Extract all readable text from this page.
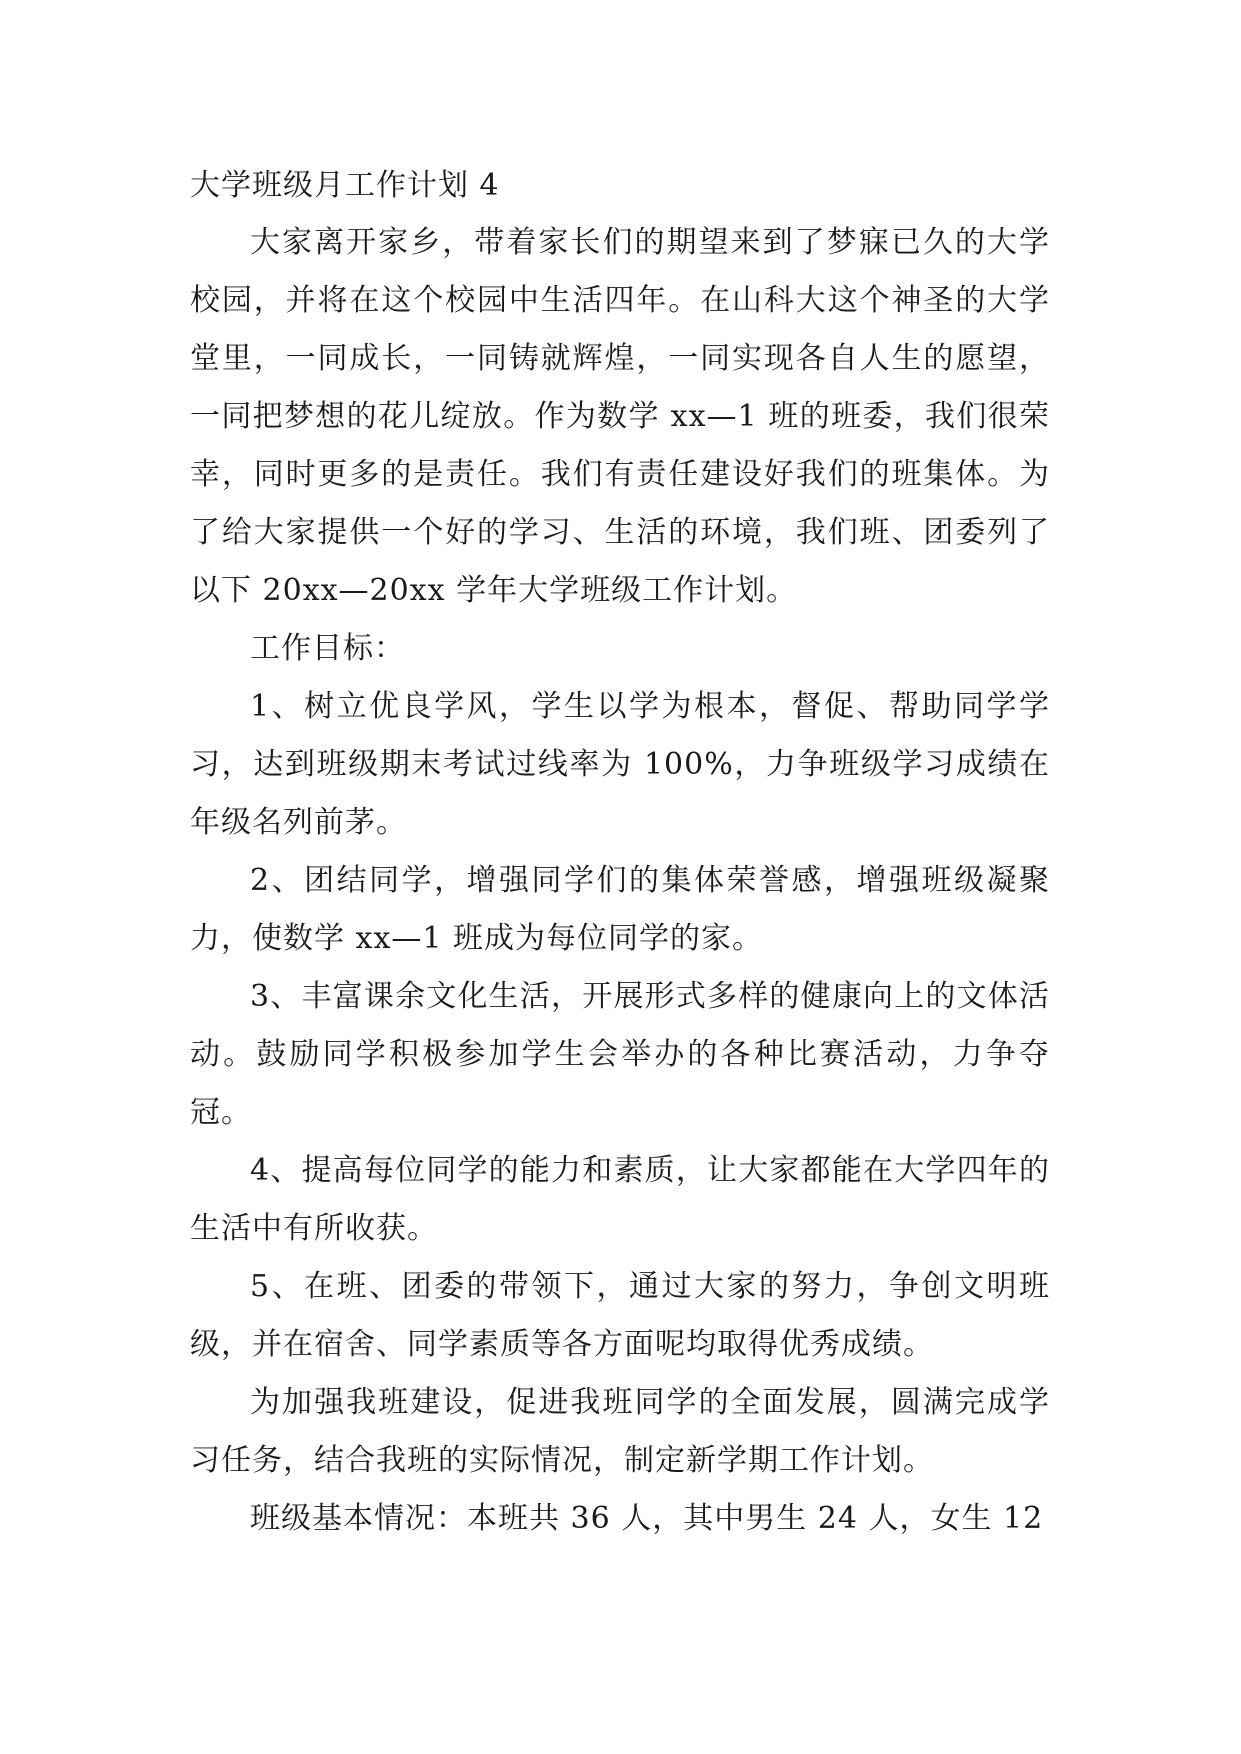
大学班级月工作计划 4

大家离开家乡，带着家长们的期望来到了梦寐已久的大学校园，并将在这个校园中生活四年。在山科大这个神圣的大学堂里，一同成长，一同铸就辉煌，一同实现各自人生的愿望，一同把梦想的花儿绽放。作为数学 xx—1 班的班委，我们很荣幸，同时更多的是责任。我们有责任建设好我们的班集体。为了给大家提供一个好的学习、生活的环境，我们班、团委列了以下 20xx—20xx 学年大学班级工作计划。

工作目标：

1、树立优良学风，学生以学为根本，督促、帮助同学学习，达到班级期末考试过线率为 100%，力争班级学习成绩在年级名列前茅。

2、团结同学，增强同学们的集体荣誉感，增强班级凝聚力，使数学 xx—1 班成为每位同学的家。

3、丰富课余文化生活，开展形式多样的健康向上的文体活动。鼓励同学积极参加学生会举办的各种比赛活动，力争夺冠。

4、提高每位同学的能力和素质，让大家都能在大学四年的生活中有所收获。

5、在班、团委的带领下，通过大家的努力，争创文明班级，并在宿舍、同学素质等各方面呢均取得优秀成绩。

为加强我班建设，促进我班同学的全面发展，圆满完成学习任务，结合我班的实际情况，制定新学期工作计划。

班级基本情况：本班共 36 人，其中男生 24 人，女生 12
